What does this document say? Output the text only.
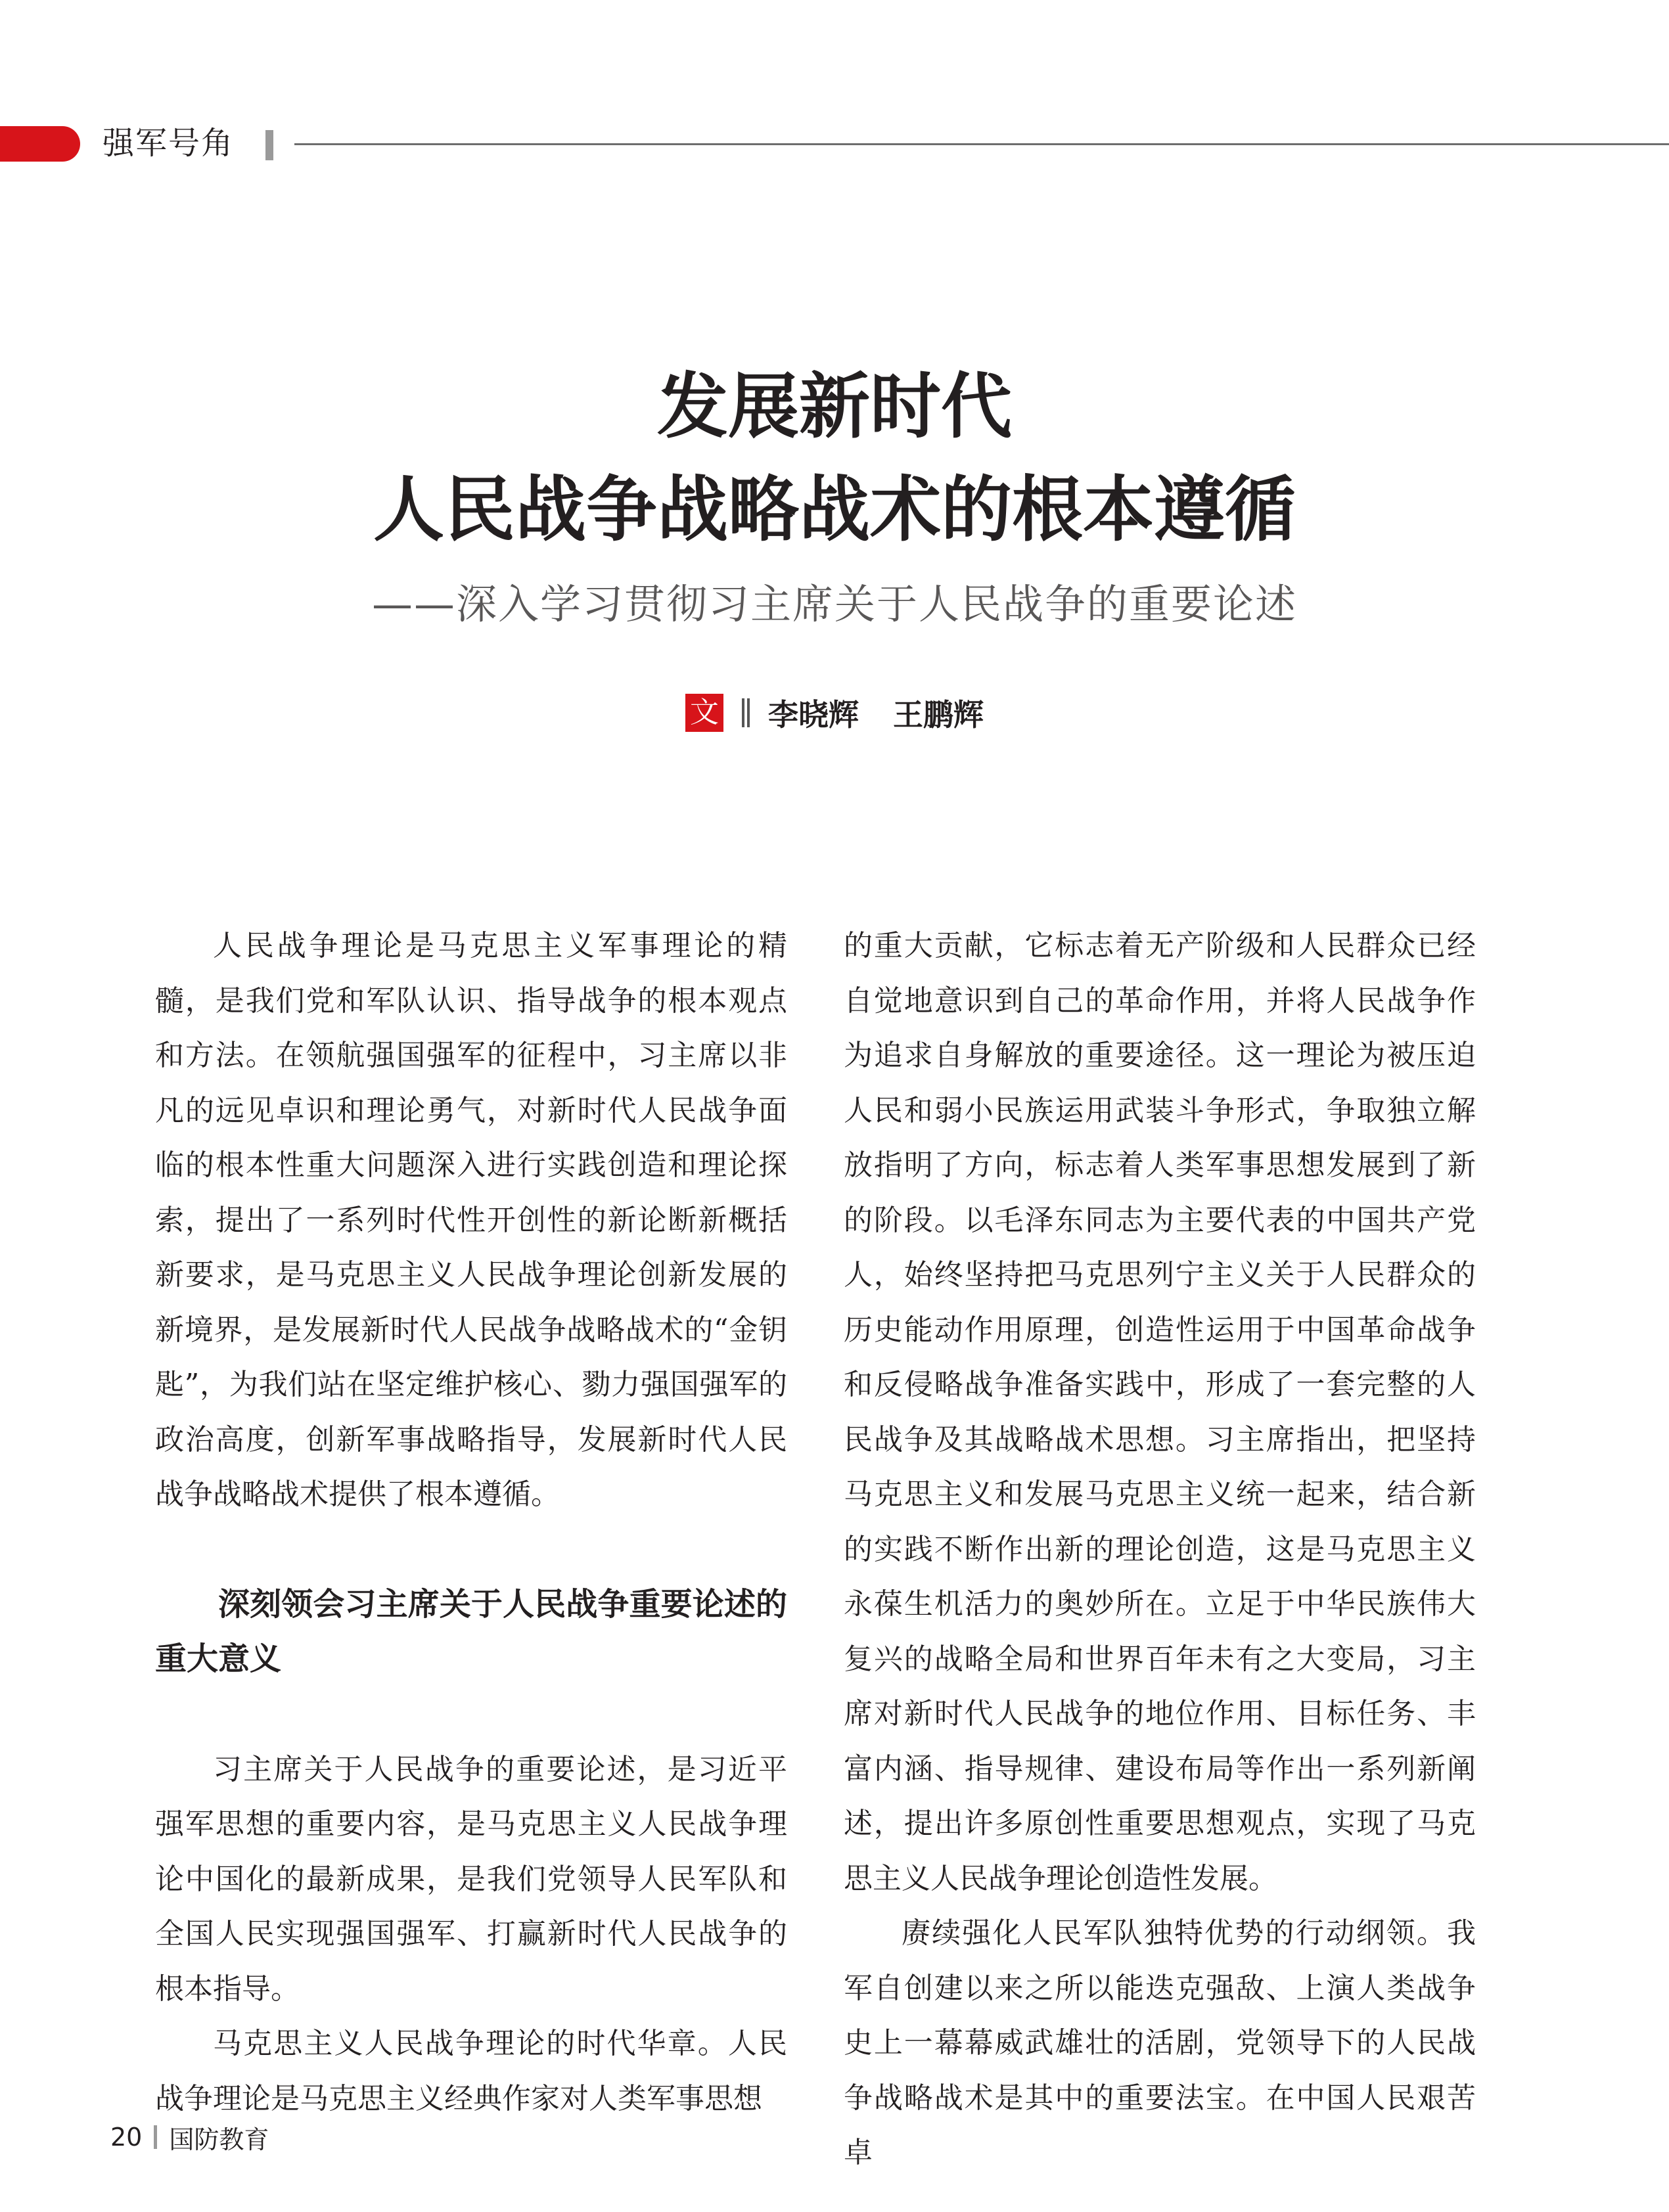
强军号角
发展新时代
人民战争战略战术的根本遵循
——深入学习贯彻习主席关于人民战争的重要论述
文 李晓辉 王鹏辉

人民战争理论是马克思主义军事理论的精髓，是我们党和军队认识、指导战争的根本观点和方法。在领航强国强军的征程中，习主席以非凡的远见卓识和理论勇气，对新时代人民战争面临的根本性重大问题深入进行实践创造和理论探索，提出了一系列时代性开创性的新论断新概括新要求，是马克思主义人民战争理论创新发展的新境界，是发展新时代人民战争战略战术的“金钥匙”，为我们站在坚定维护核心、勠力强国强军的政治高度，创新军事战略指导，发展新时代人民战争战略战术提供了根本遵循。

深刻领会习主席关于人民战争重要论述的重大意义

习主席关于人民战争的重要论述，是习近平强军思想的重要内容，是马克思主义人民战争理论中国化的最新成果，是我们党领导人民军队和全国人民实现强国强军、打赢新时代人民战争的根本指导。

马克思主义人民战争理论的时代华章。人民战争理论是马克思主义经典作家对人类军事思想

的重大贡献，它标志着无产阶级和人民群众已经自觉地意识到自己的革命作用，并将人民战争作为追求自身解放的重要途径。这一理论为被压迫人民和弱小民族运用武装斗争形式，争取独立解放指明了方向，标志着人类军事思想发展到了新的阶段。以毛泽东同志为主要代表的中国共产党人，始终坚持把马克思列宁主义关于人民群众的历史能动作用原理，创造性运用于中国革命战争和反侵略战争准备实践中，形成了一套完整的人民战争及其战略战术思想。习主席指出，把坚持马克思主义和发展马克思主义统一起来，结合新的实践不断作出新的理论创造，这是马克思主义永葆生机活力的奥妙所在。立足于中华民族伟大复兴的战略全局和世界百年未有之大变局，习主席对新时代人民战争的地位作用、目标任务、丰富内涵、指导规律、建设布局等作出一系列新阐述，提出许多原创性重要思想观点，实现了马克思主义人民战争理论创造性发展。

赓续强化人民军队独特优势的行动纲领。我军自创建以来之所以能迭克强敌、上演人类战争史上一幕幕威武雄壮的活剧，党领导下的人民战争战略战术是其中的重要法宝。在中国人民艰苦卓

20 国防教育
